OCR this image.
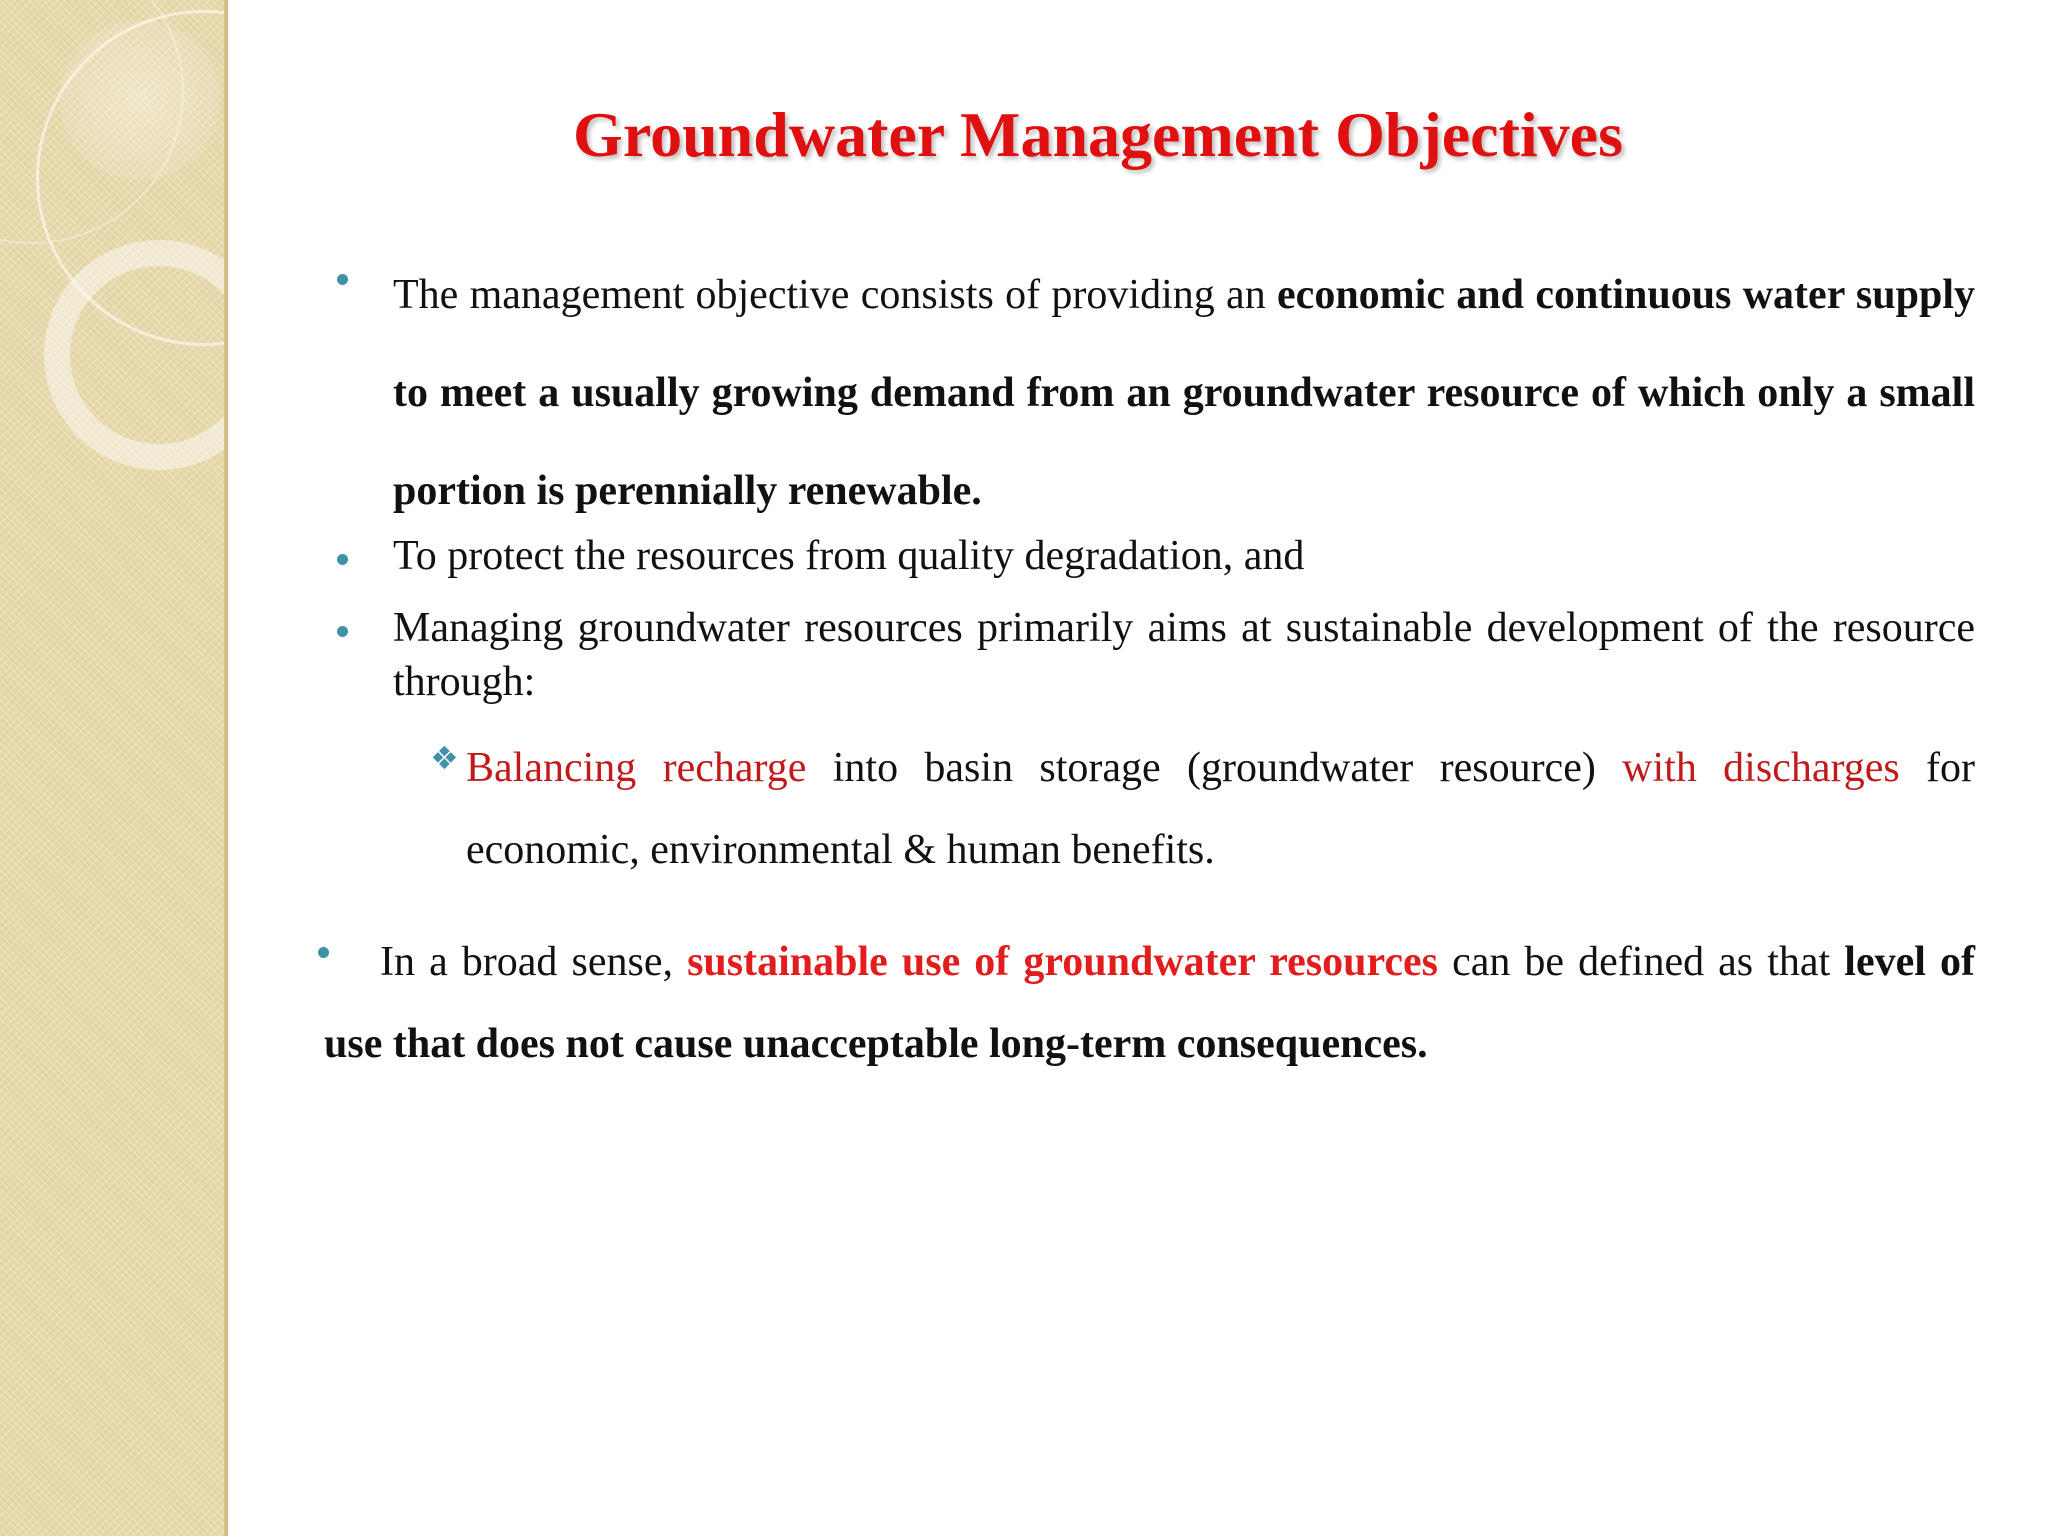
Groundwater Management Objectives

The management objective consists of providing an economic and continuous water supply to meet a usually growing demand from an groundwater resource of which only a small portion is perennially renewable.

To protect the resources from quality degradation, and

Managing groundwater resources primarily aims at sustainable development of the resource through:

❖ Balancing recharge into basin storage (groundwater resource) with discharges for economic, environmental & human benefits.

In a broad sense, sustainable use of groundwater resources can be defined as that level of use that does not cause unacceptable long-term consequences.
